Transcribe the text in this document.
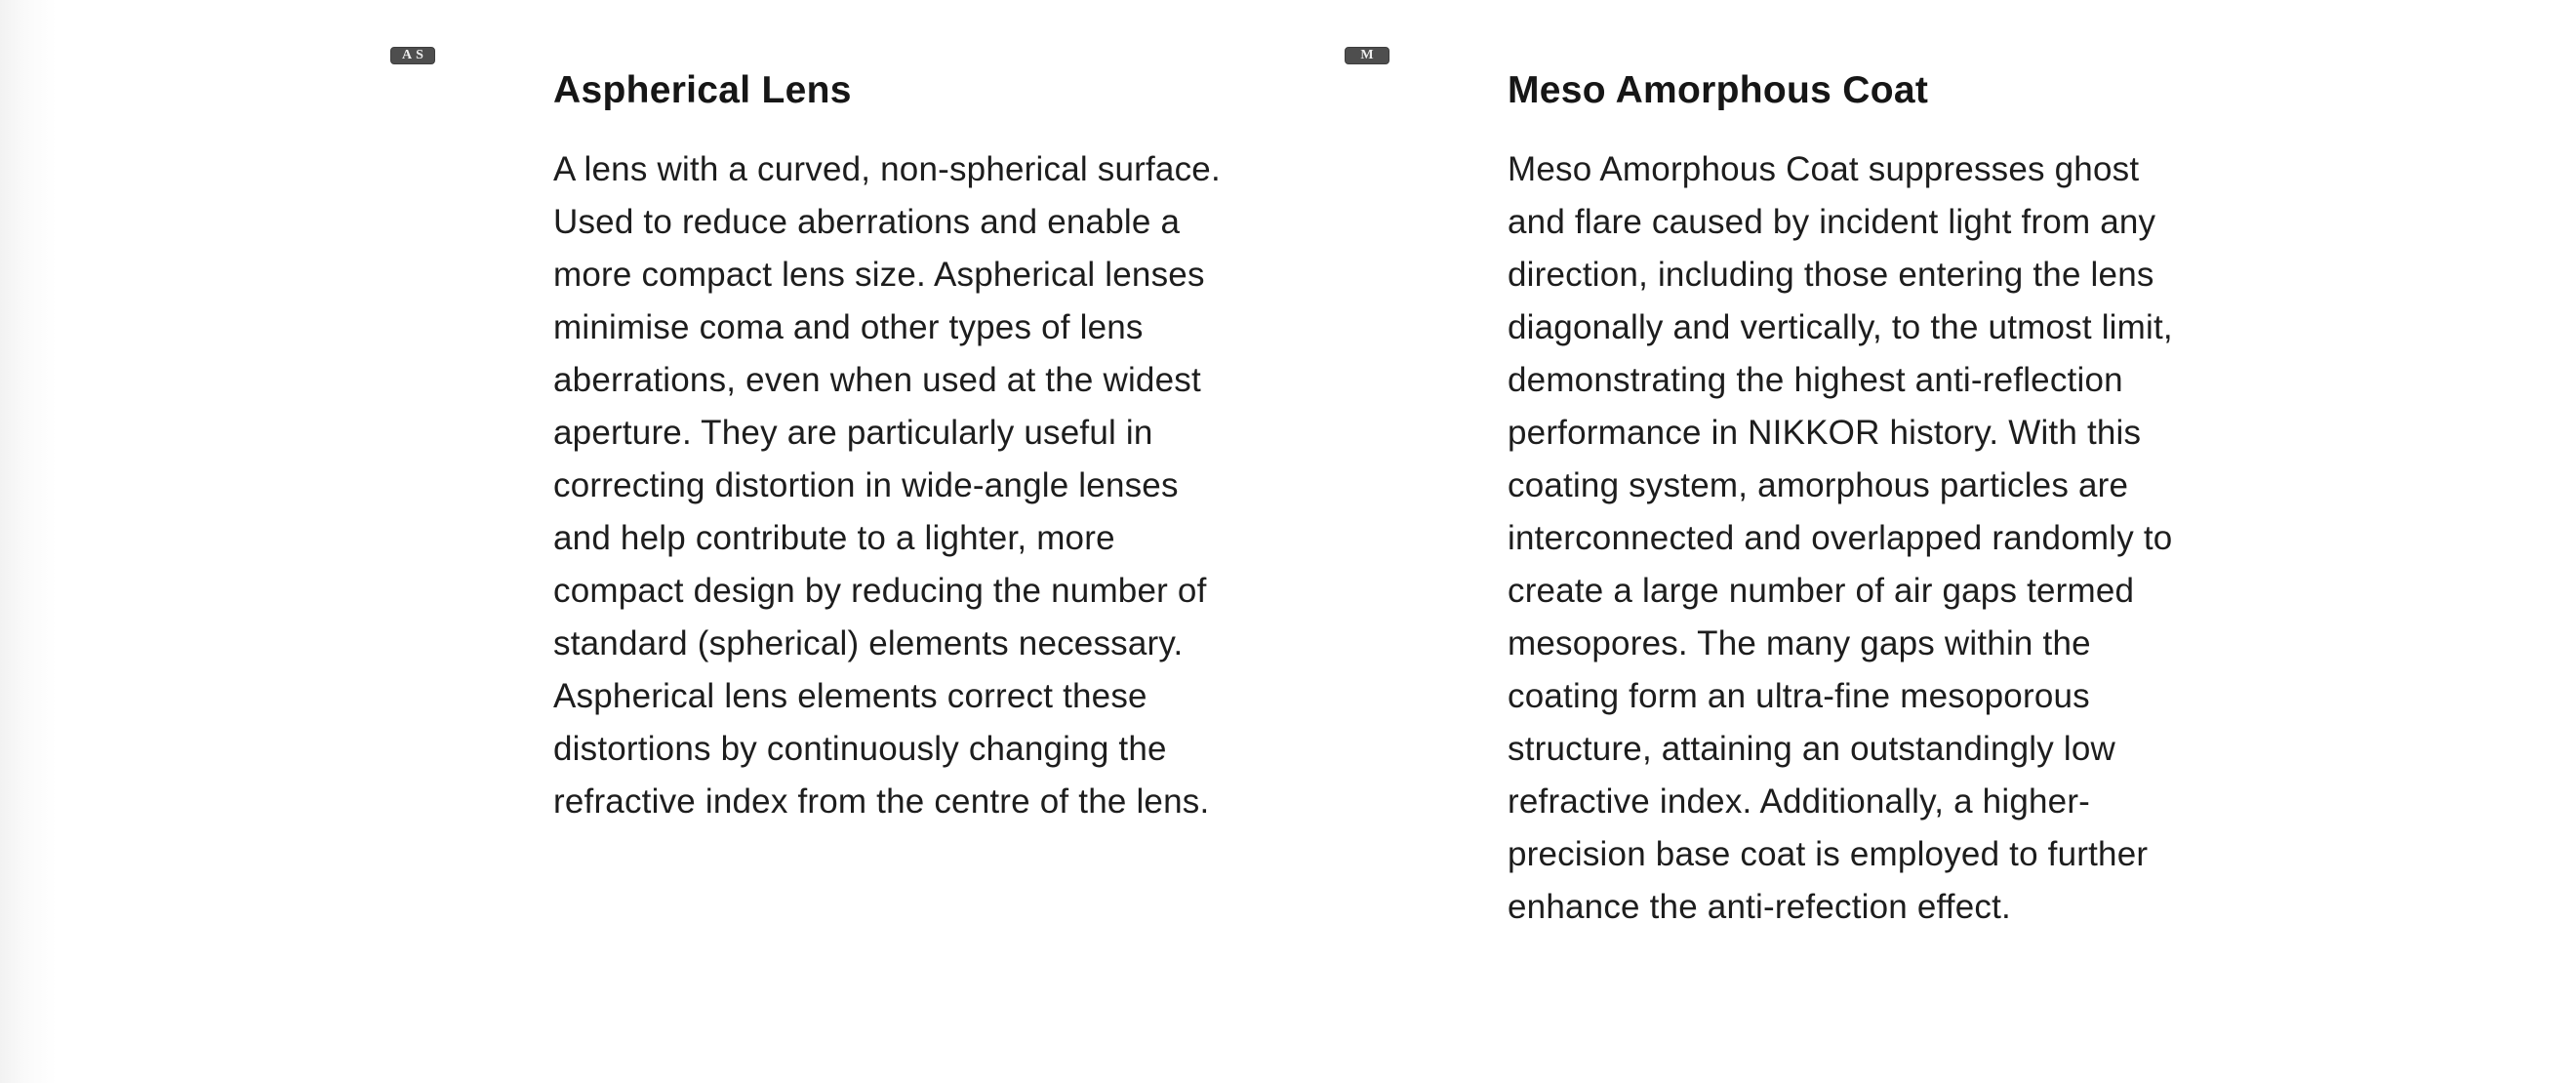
AS
Aspherical Lens

A lens with a curved, non-spherical surface. Used to reduce aberrations and enable a more compact lens size. Aspherical lenses minimise coma and other types of lens aberrations, even when used at the widest aperture. They are particularly useful in correcting distortion in wide-angle lenses and help contribute to a lighter, more compact design by reducing the number of standard (spherical) elements necessary. Aspherical lens elements correct these distortions by continuously changing the refractive index from the centre of the lens.

M
Meso Amorphous Coat

Meso Amorphous Coat suppresses ghost and flare caused by incident light from any direction, including those entering the lens diagonally and vertically, to the utmost limit, demonstrating the highest anti-reflection performance in NIKKOR history. With this coating system, amorphous particles are interconnected and overlapped randomly to create a large number of air gaps termed mesopores. The many gaps within the coating form an ultra-fine mesoporous structure, attaining an outstandingly low refractive index. Additionally, a higher-precision base coat is employed to further enhance the anti-refection effect.
